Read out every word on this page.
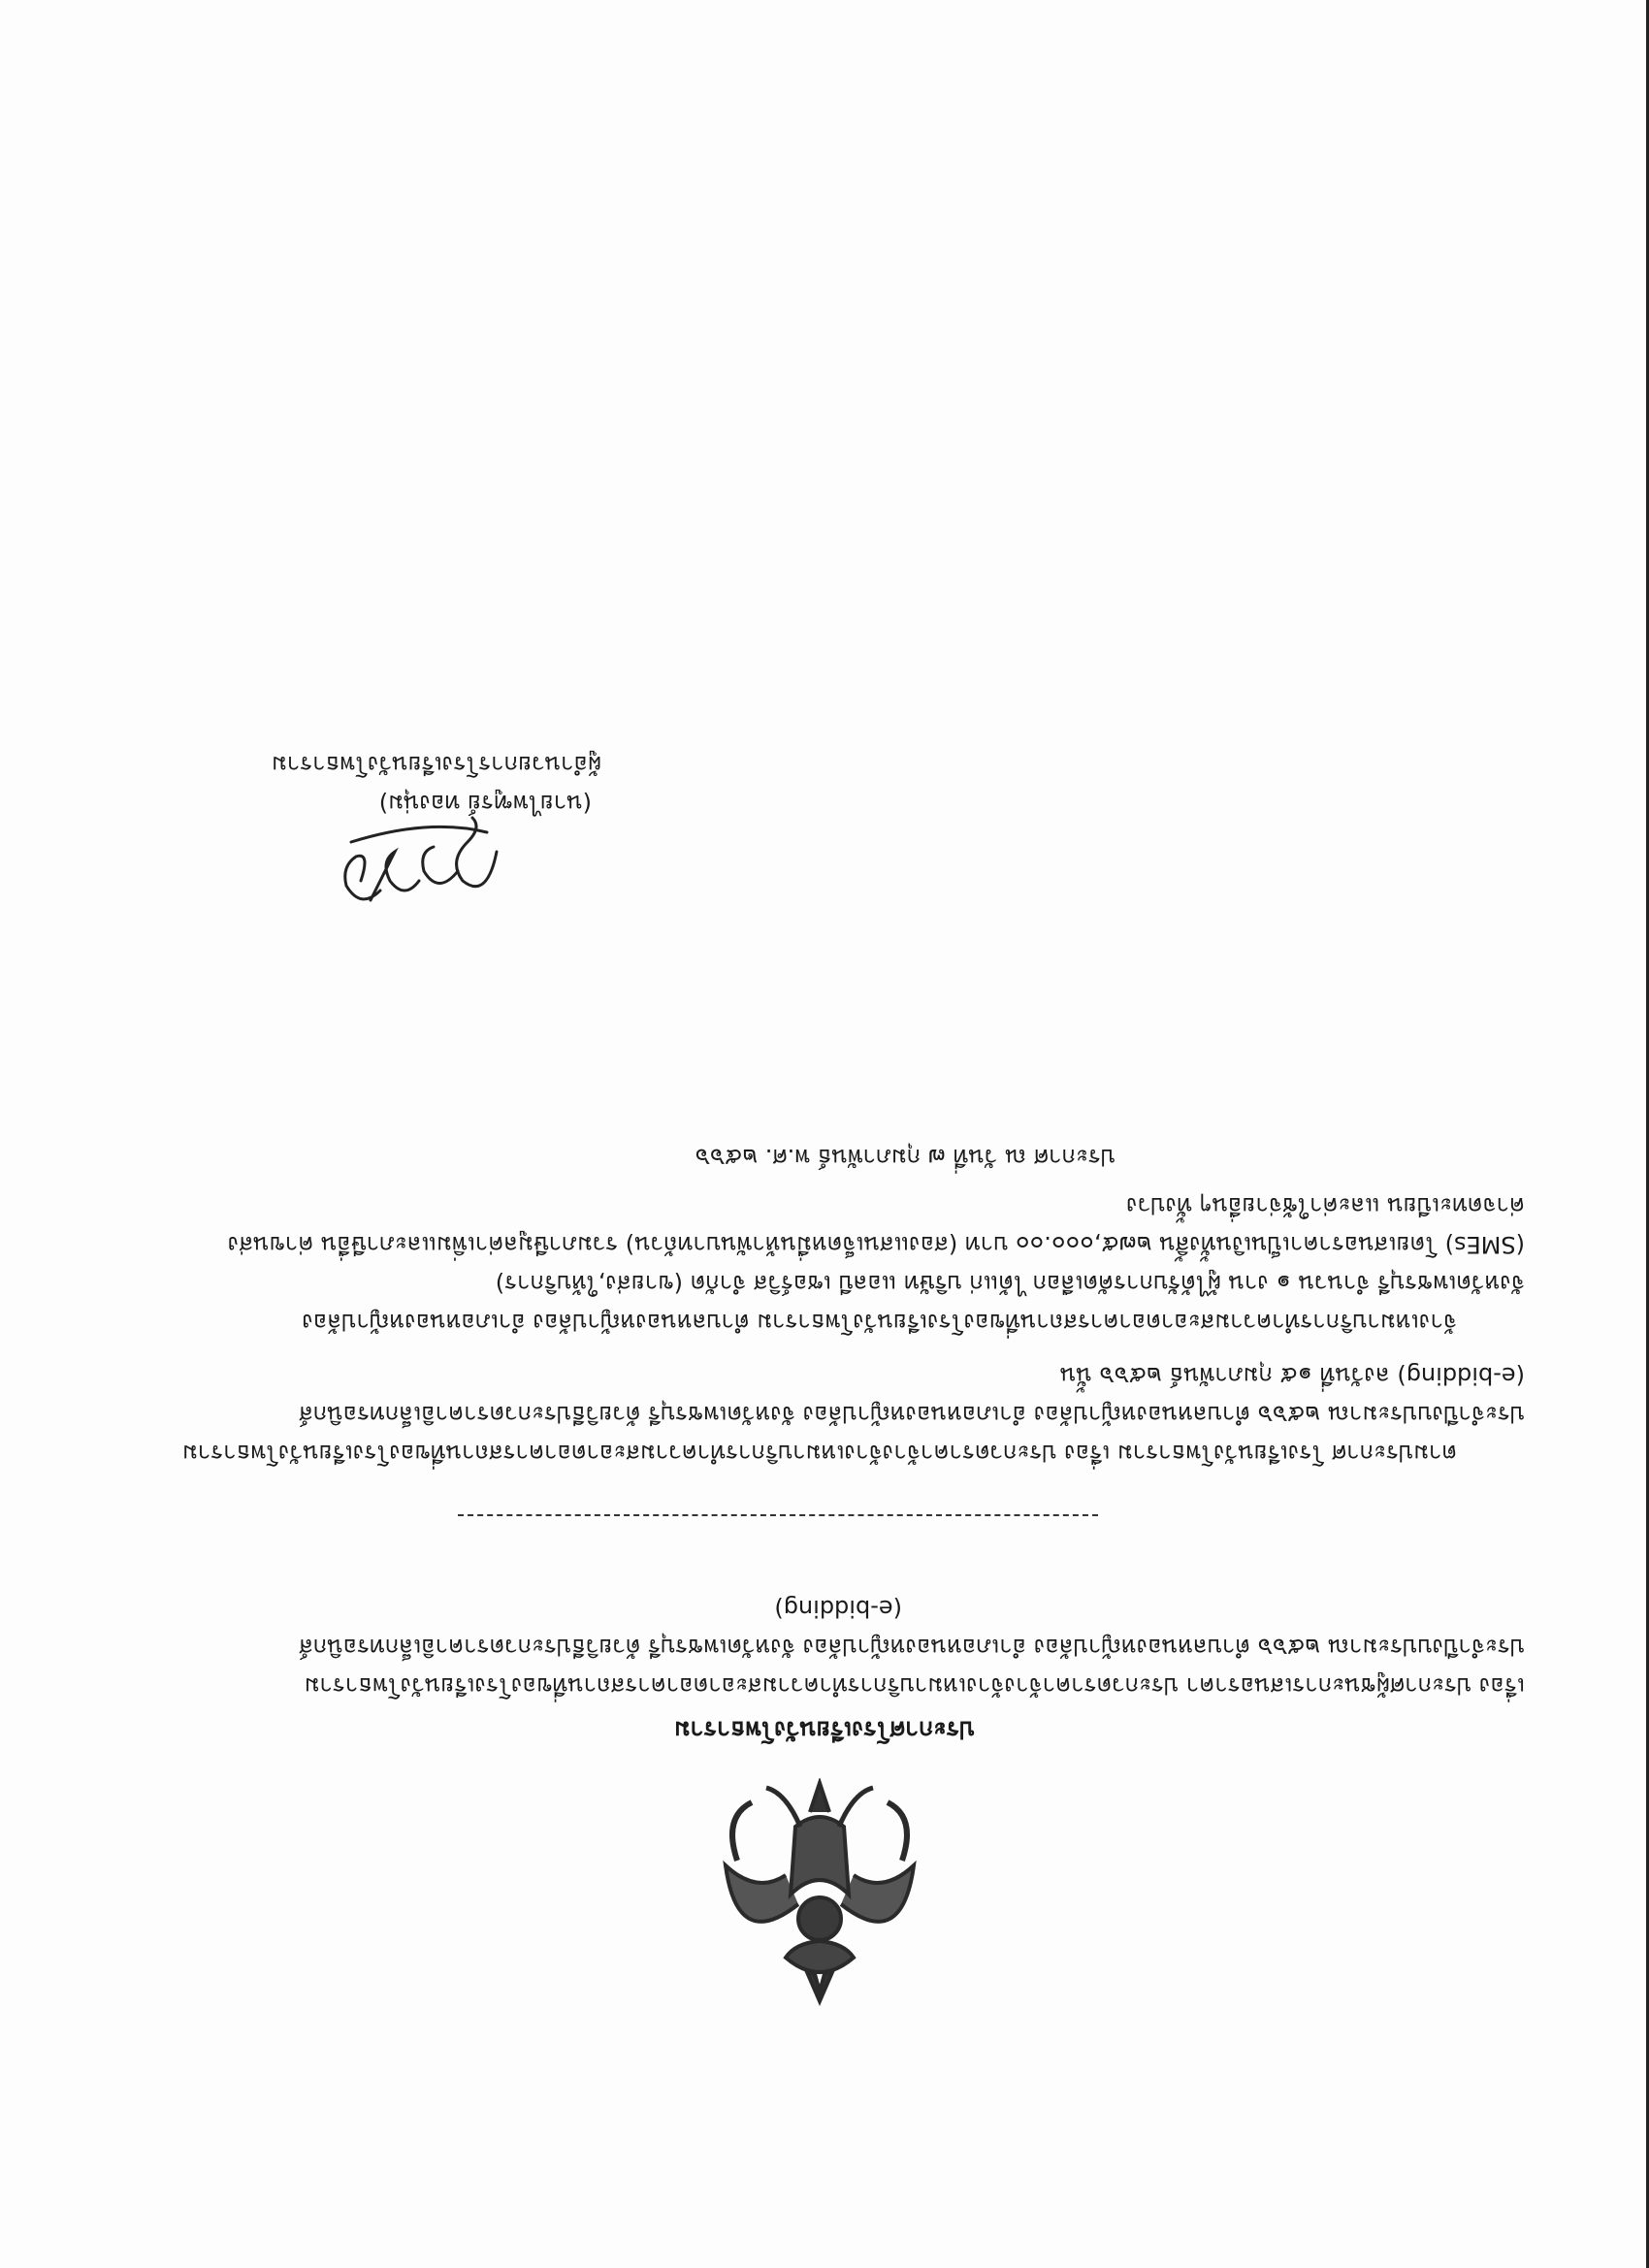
ประกาศโรงเรียนวังโพธาราม
เรื่อง ประกาศผู้ชนะการเสนอราคา ประกวดราคาจ้างจ้างเหมาบริการทำความสะอาดอาคารสถานที่ของโรงเรียนวังโพธาราม
ประจำปีงบประมาณ ๒๕๖๖ ตำบลหนองหญ้าปล้อง อำเภอหนองหญ้าปล้อง จังหวัดเพชรบุรี ด้วยวิธีประกวดราคาอิเล็กทรอนิกส์
(e-bidding)
ตามประกาศ โรงเรียนวังโพธาราม เรื่อง ประกวดราคาจ้างจ้างเหมาบริการทำความสะอาดอาคารสถานที่ของโรงเรียนวังโพธาราม
ประจำปีงบประมาณ ๒๕๖๖ ตำบลหนองหญ้าปล้อง อำเภอหนองหญ้าปล้อง จังหวัดเพชรบุรี ด้วยวิธีประกวดราคาอิเล็กทรอนิกส์
(e-bidding) ลงวันที่ ๑๕ กุมภาพันธ์ ๒๕๖๖ นั้น
จ้างเหมาบริการทำความสะอาดอาคารสถานที่ของโรงเรียนวังโพธาราม ตำบลหนองหญ้าปล้อง อำเภอหนองหญ้าปล้อง
จังหวัดเพชรบุรี จำนวน ๑ งาน ผู้ได้รับการคัดเลือก ได้แก่ บริษัท แอลบี เซอร์วิส จำกัด (ขายส่ง,ให้บริการ)
(SMEs) โดยเสนอราคาเป็นเงินทั้งสิ้น ๒๗๕,๐๐๐.๐๐ บาท (สองแสนเจ็ดหมื่นห้าพันบาทถ้วน) รวมภาษีมูลค่าเพิ่มและภาษีอื่น ค่าขนส่ง
ค่าจดทะเบียน และค่าใช้จ่ายอื่นๆ ทั้งปวง
ประกาศ ณ วันที่ ๗ กุมภาพันธ์ พ.ศ. ๒๕๖๖
(นายไพฑูรย์ ทองนุ่ม)
ผู้อำนวยการโรงเรียนวังโพธาราม
